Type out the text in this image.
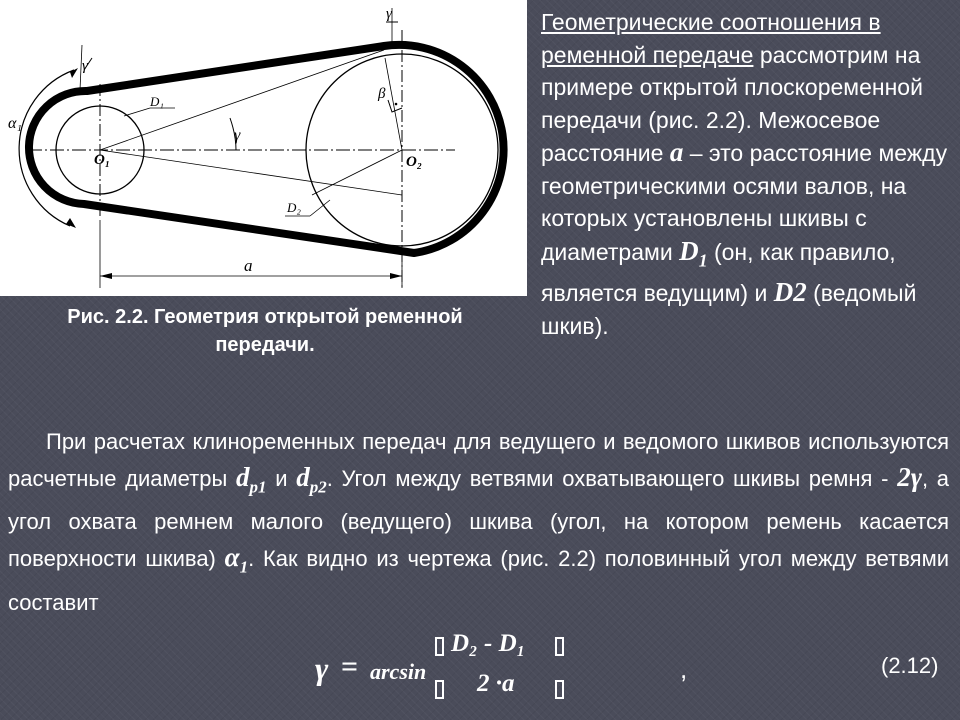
α₁
γ
γ
γ
β
O₁	O₂
D₁
D₂
a
Рис. 2.2. Геометрия открытой ременной передачи.
Геометрические соотношения в ременной передаче рассмотрим на примере открытой плоскоременной передачи (рис. 2.2). Межосевое расстояние a – это расстояние между геометрическими осями валов, на которых установлены шкивы с диаметрами $D_1$ (он, как правило, является ведущим) и D2 (ведомый шкив).
При расчетах клиноременных передач для ведущего и ведомого шкивов используются расчетные диаметры $d_{p1}$ и $d_{p2}$. Угол между ветвями охватывающего шкивы ремня - 2γ, а угол охвата ремнем малого (ведущего) шкива (угол, на котором ремень касается поверхности шкива) $\alpha_1$. Как видно из чертежа (рис. 2.2) половинный угол между ветвями составит
γ = arcsin
D₂ - D₁
2 ·a	,	(2.12)
